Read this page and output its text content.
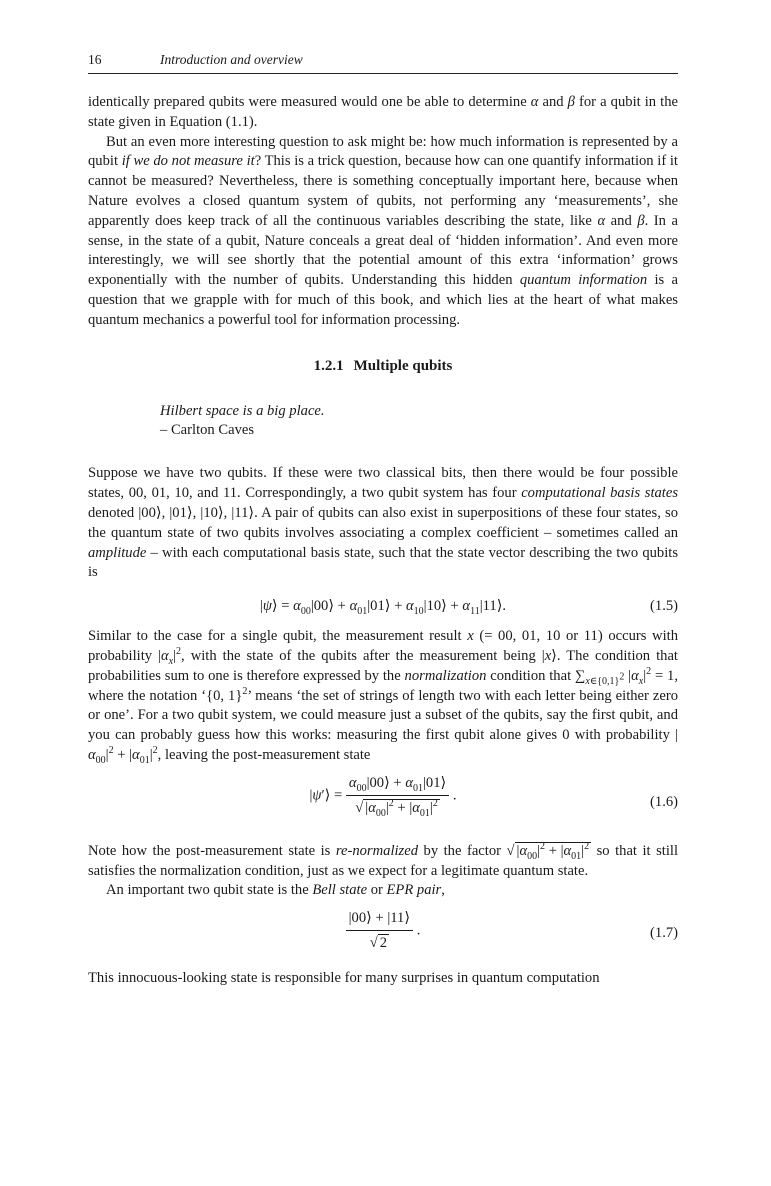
16	Introduction and overview

identically prepared qubits were measured would one be able to determine α and β for a qubit in the state given in Equation (1.1).

But an even more interesting question to ask might be: how much information is represented by a qubit if we do not measure it? This is a trick question, because how can one quantify information if it cannot be measured? Nevertheless, there is something conceptually important here, because when Nature evolves a closed quantum system of qubits, not performing any ‘measurements’, she apparently does keep track of all the continuous variables describing the state, like α and β. In a sense, in the state of a qubit, Nature conceals a great deal of ‘hidden information’. And even more interestingly, we will see shortly that the potential amount of this extra ‘information’ grows exponentially with the number of qubits. Understanding this hidden quantum information is a question that we grapple with for much of this book, and which lies at the heart of what makes quantum mechanics a powerful tool for information processing.

1.2.1 Multiple qubits
Hilbert space is a big place.
– Carlton Caves

Suppose we have two qubits. If these were two classical bits, then there would be four possible states, 00, 01, 10, and 11. Correspondingly, a two qubit system has four computational basis states denoted |00⟩, |01⟩, |10⟩, |11⟩. A pair of qubits can also exist in superpositions of these four states, so the quantum state of two qubits involves associating a complex coefficient – sometimes called an amplitude – with each computational basis state, such that the state vector describing the two qubits is

|ψ⟩ = $\alpha_{00}|00⟩$ + $\alpha_{01}|01⟩$ + $\alpha_{10}|10⟩$ + $\alpha_{11}|11⟩$.	(1.5)

Similar to the case for a single qubit, the measurement result x (= 00, 01, 10 or 11) occurs with probability $|\alpha_x|^2$, with the state of the qubits after the measurement being |x⟩. The condition that probabilities sum to one is therefore expressed by the normalization condition that $\sum_{x\in\{0,1\}^2}$ $|\alpha_x|^2 = 1$, where the notation ‘{0, 1}$^2$’ means ‘the set of strings of length two with each letter being either zero or one’. For a two qubit system, we could measure just a subset of the qubits, say the first qubit, and you can probably guess how this works: measuring the first qubit alone gives 0 with probability $|\alpha_{00}|^2 + |\alpha_{01}|^2$, leaving the post-measurement state

|ψ′⟩ = $\frac{\alpha_{00}|00⟩ + \alpha_{01}|01⟩}{√ |\alpha_{00}|^2 + |\alpha_{01}|^2}$ .	(1.6)

Note how the post-measurement state is re-normalized by the factor √ $|\alpha_{00}|^2 + |\alpha_{01}|^2$ so that it still satisfies the normalization condition, just as we expect for a legitimate quantum state.

An important two qubit state is the Bell state or EPR pair,

$\frac{|00⟩ + |11⟩}{√ 2}$ .	(1.7)

This innocuous-looking state is responsible for many surprises in quantum computation
